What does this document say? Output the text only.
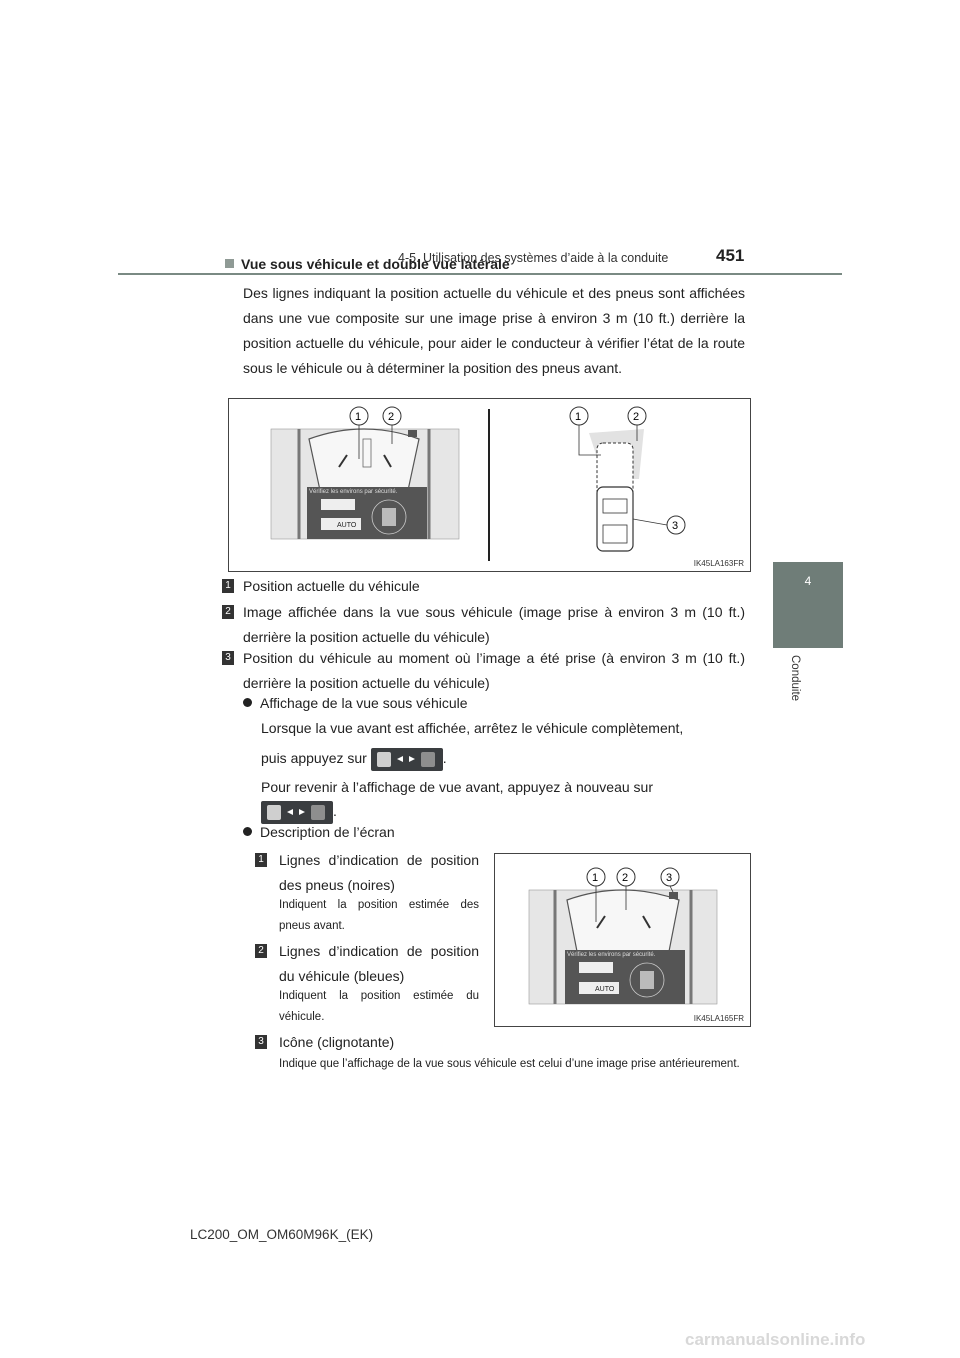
4-5. Utilisation des systèmes d’aide à la conduite	451
4
Conduite
Vue sous véhicule et double vue latérale
Des lignes indiquant la position actuelle du véhicule et des pneus sont affichées dans une vue composite sur une image prise à environ 3 m (10 ft.) derrière la position actuelle du véhicule, pour aider le conducteur à vérifier l’état de la route sous le véhicule ou à déterminer la position des pneus avant.
Vérifiez les environs par sécurité.
AUTO
1 2	1	2
3
IK45LA163FR
1 Position actuelle du véhicule
2 Image affichée dans la vue sous véhicule (image prise à environ 3 m (10 ft.) derrière la position actuelle du véhicule)
3 Position du véhicule au moment où l’image a été prise (à environ 3 m (10 ft.) derrière la position actuelle du véhicule)
Affichage de la vue sous véhicule
Lorsque la vue avant est affichée, arrêtez le véhicule complètement,
puis appuyez sur	.
Pour revenir à l’affichage de vue avant, appuyez à nouveau sur
.
Description de l’écran
1 Lignes d’indication de position des pneus (noires)
Indiquent la position estimée des pneus avant.
2 Lignes d’indication de position du véhicule (bleues)
Indiquent la position estimée du véhicule.
3 Icône (clignotante)
Indique que l’affichage de la vue sous véhicule est celui d’une image prise antérieurement.
Vérifiez les environs par sécurité.
AUTO
1 2	3
IK45LA165FR
LC200_OM_OM60M96K_(EK)
carmanualsonline.info
